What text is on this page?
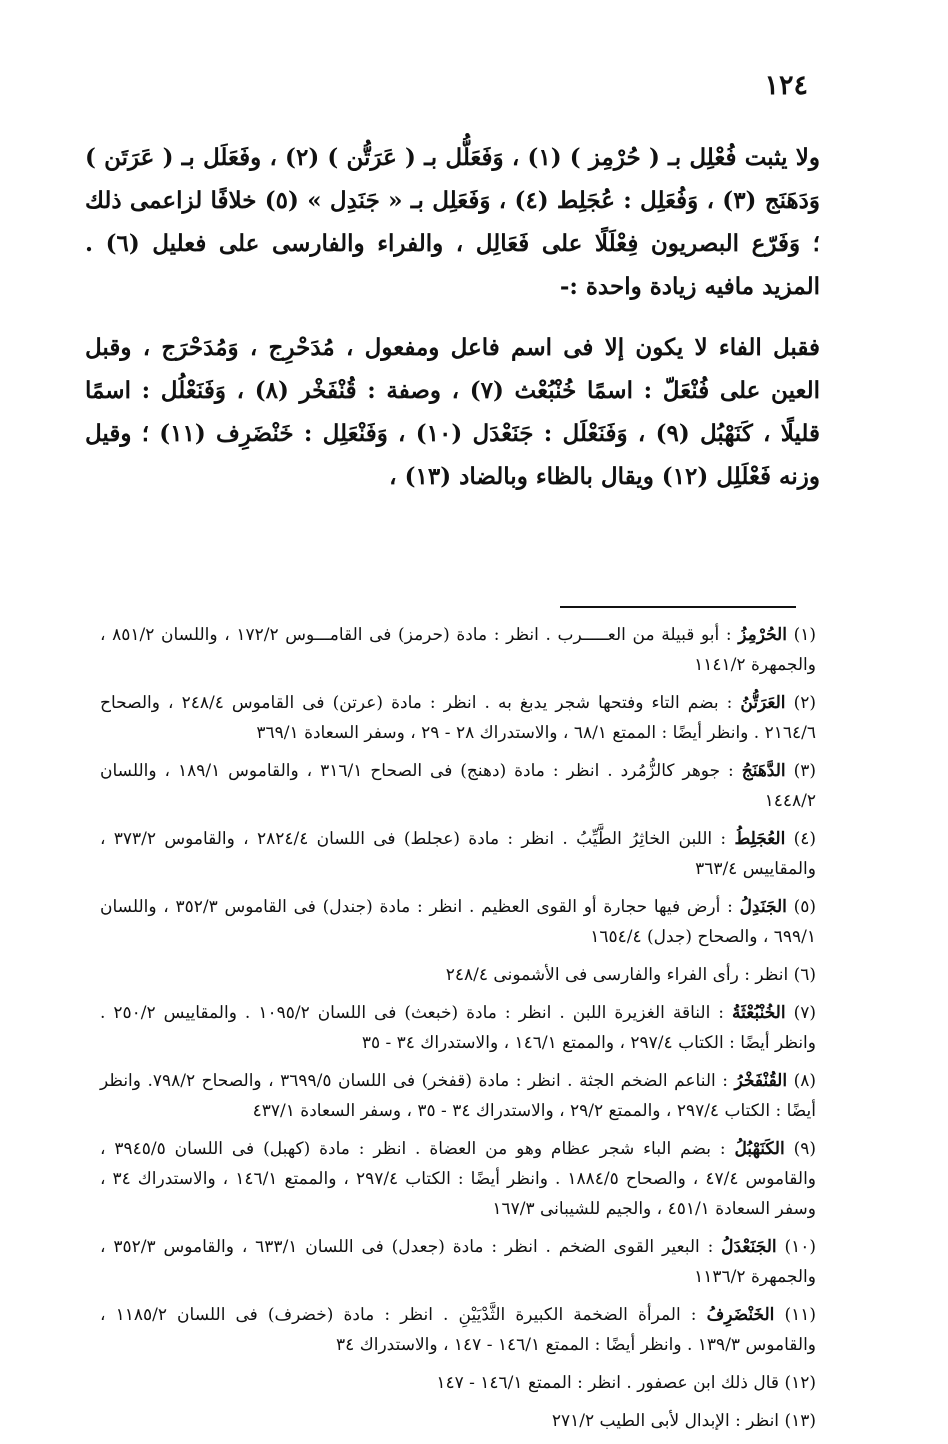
١٢٤

ولا يثبت فُعْلِل بـ ( حُرْمِز ) (١) ، وَفَعَلُّل بـ ( عَرَتُّن ) (٢) ، وفَعَلَل بـ ( عَرَتَن ) وَدَهَنَج (٣) ، وَفُعَلِل : عُجَلِط (٤) ، وَفَعَلِل بـ « جَنَدِل » (٥) خلافًا لزاعمى ذلك ؛ وَفَرّع البصريون فِعْلَلًا على فَعَالِل ، والفراء والفارسى على فعليل (٦) . المزيد مافيه زيادة واحدة :-

فقبل الفاء لا يكون إلا فى اسم فاعل ومفعول ، مُدَحْرِج ، وَمُدَحْرَج ، وقبل العين على فُنْعَلّ : اسمًا خُنْبُعْث (٧) ، وصفة : قُنْفَخْر (٨) ، وَفَنَعْلُل : اسمًا قليلًا ، كَنَهْبُل (٩) ، وَفَنَعْلَل : جَنَعْدَل (١٠) ، وَفَنْعَلِل : خَنْضَرِف (١١) ؛ وقيل وزنه فَعْلَلِل (١٢) ويقال بالظاء وبالضاد (١٣) ،

(١) الحُرْمِزُ : أبو قبيلة من العـــــرب . انظر : مادة (حرمز) فى القامـــوس ١٧٢/٢ ، واللسان ٨٥١/٢ ، والجمهرة ١١٤١/٢

(٢) العَرَتُّنُ : بضم التاء وفتحها شجر يدبغ به . انظر : مادة (عرتن) فى القاموس ٢٤٨/٤ ، والصحاح ٢١٦٤/٦ . وانظر أيضًا : الممتع ٦٨/١ ، والاستدراك ٢٨ - ٢٩ ، وسفر السعادة ٣٦٩/١

(٣) الدَّهَنَجُ : جوهر كالزُّمُرد . انظر : مادة (دهنج) فى الصحاح ٣١٦/١ ، والقاموس ١٨٩/١ ، واللسان ١٤٤٨/٢

(٤) العُجَلِطُ : اللبن الخاثِرُ الطَّيِّبُ . انظر : مادة (عجلط) فى اللسان ٢٨٢٤/٤ ، والقاموس ٣٧٣/٢ ، والمقاييس ٣٦٣/٤

(٥) الجَنَدِلُ : أرض فيها حجارة أو القوى العظيم . انظر : مادة (جندل) فى القاموس ٣٥٢/٣ ، واللسان ٦٩٩/١ ، والصحاح (جدل) ١٦٥٤/٤

(٦) انظر : رأى الفراء والفارسى فى الأشمونى ٢٤٨/٤

(٧) الخُنْبُعْثَةُ : الناقة الغزيرة اللبن . انظر : مادة (خبعث) فى اللسان ١٠٩٥/٢ . والمقاييس ٢٥٠/٢ . وانظر أيضًا : الكتاب ٢٩٧/٤ ، والممتع ١٤٦/١ ، والاستدراك ٣٤ - ٣٥

(٨) القُنْفَخْرُ : الناعم الضخم الجثة . انظر : مادة (قفخر) فى اللسان ٣٦٩٩/٥ ، والصحاح ٧٩٨/٢. وانظر أيضًا : الكتاب ٢٩٧/٤ ، والممتع ٢٩/٢ ، والاستدراك ٣٤ - ٣٥ ، وسفر السعادة ٤٣٧/١

(٩) الكَنَهْبُلُ : بضم الباء شجر عظام وهو من العضاة . انظر : مادة (كهبل) فى اللسان ٣٩٤٥/٥ ، والقاموس ٤٧/٤ ، والصحاح ١٨٨٤/٥ . وانظر أيضًا : الكتاب ٢٩٧/٤ ، والممتع ١٤٦/١ ، والاستدراك ٣٤ ، وسفر السعادة ٤٥١/١ ، والجيم للشيبانى ١٦٧/٣

(١٠) الجَنَعْدَلُ : البعير القوى الضخم . انظر : مادة (جعدل) فى اللسان ٦٣٣/١ ، والقاموس ٣٥٢/٣ ، والجمهرة ١١٣٦/٢

(١١) الخَنْضَرِفُ : المرأة الضخمة الكبيرة الثَّدْيَيْنِ . انظر : مادة (خضرف) فى اللسان ١١٨٥/٢ ، والقاموس ١٣٩/٣ . وانظر أيضًا : الممتع ١٤٦/١ - ١٤٧ ، والاستدراك ٣٤

(١٢) قال ذلك ابن عصفور . انظر : الممتع ١٤٦/١ - ١٤٧

(١٣) انظر : الإبدال لأبى الطيب ٢٧١/٢
